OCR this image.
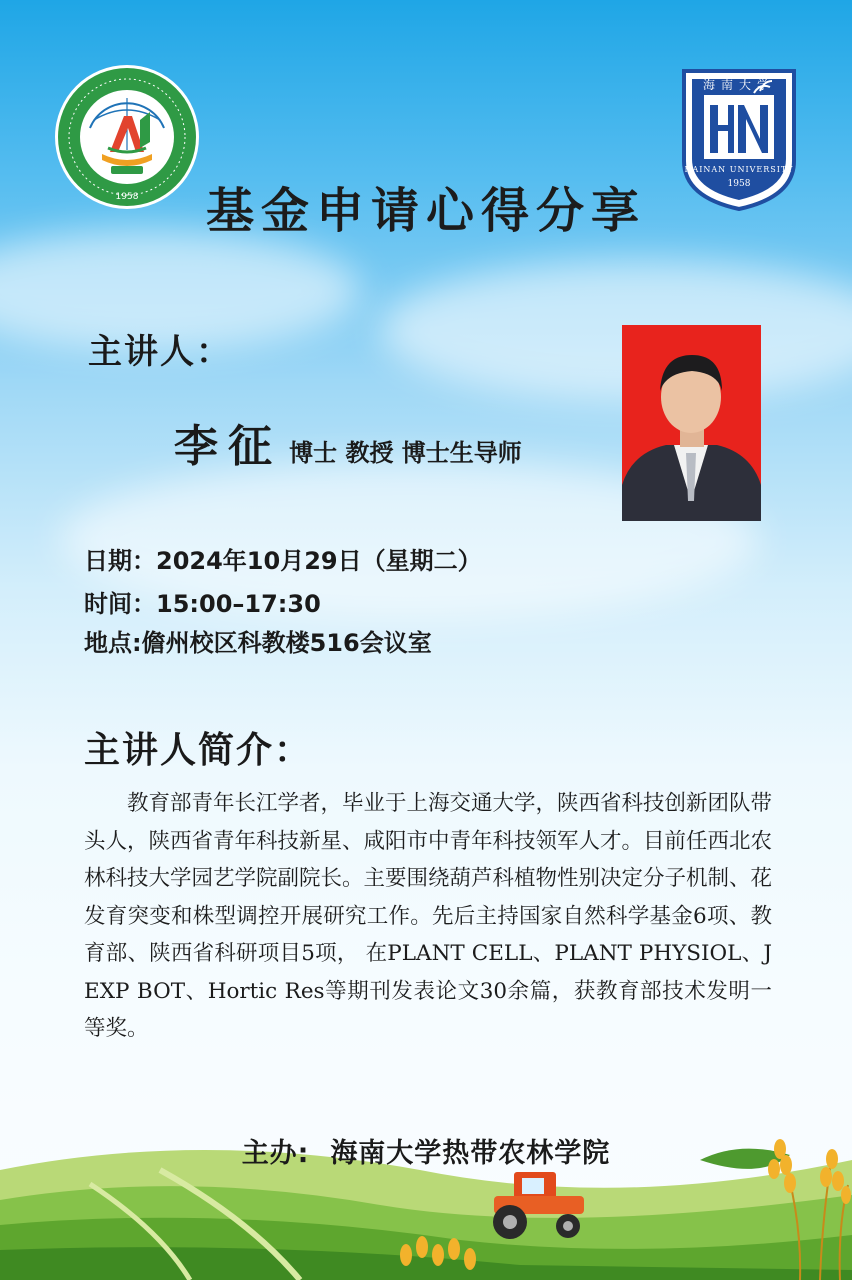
1958
海南大学
HAINAN UNIVERSITY
1958
基金申请心得分享
主讲人：
李征 博士 教授 博士生导师
日期：2024年10月29日（星期二）
时间：15:00–17:30
地点:儋州校区科教楼516会议室
主讲人简介：
教育部青年长江学者，毕业于上海交通大学，陕西省科技创新团队带头人，陕西省青年科技新星、咸阳市中青年科技领军人才。目前任西北农林科技大学园艺学院副院长。主要围绕葫芦科植物性别决定分子机制、花发育突变和株型调控开展研究工作。先后主持国家自然科学基金6项、教育部、陕西省科研项目5项， 在PLANT CELL、PLANT PHYSIOL、J EXP BOT、Hortic Res等期刊发表论文30余篇，获教育部技术发明一等奖。
主办: 海南大学热带农林学院
